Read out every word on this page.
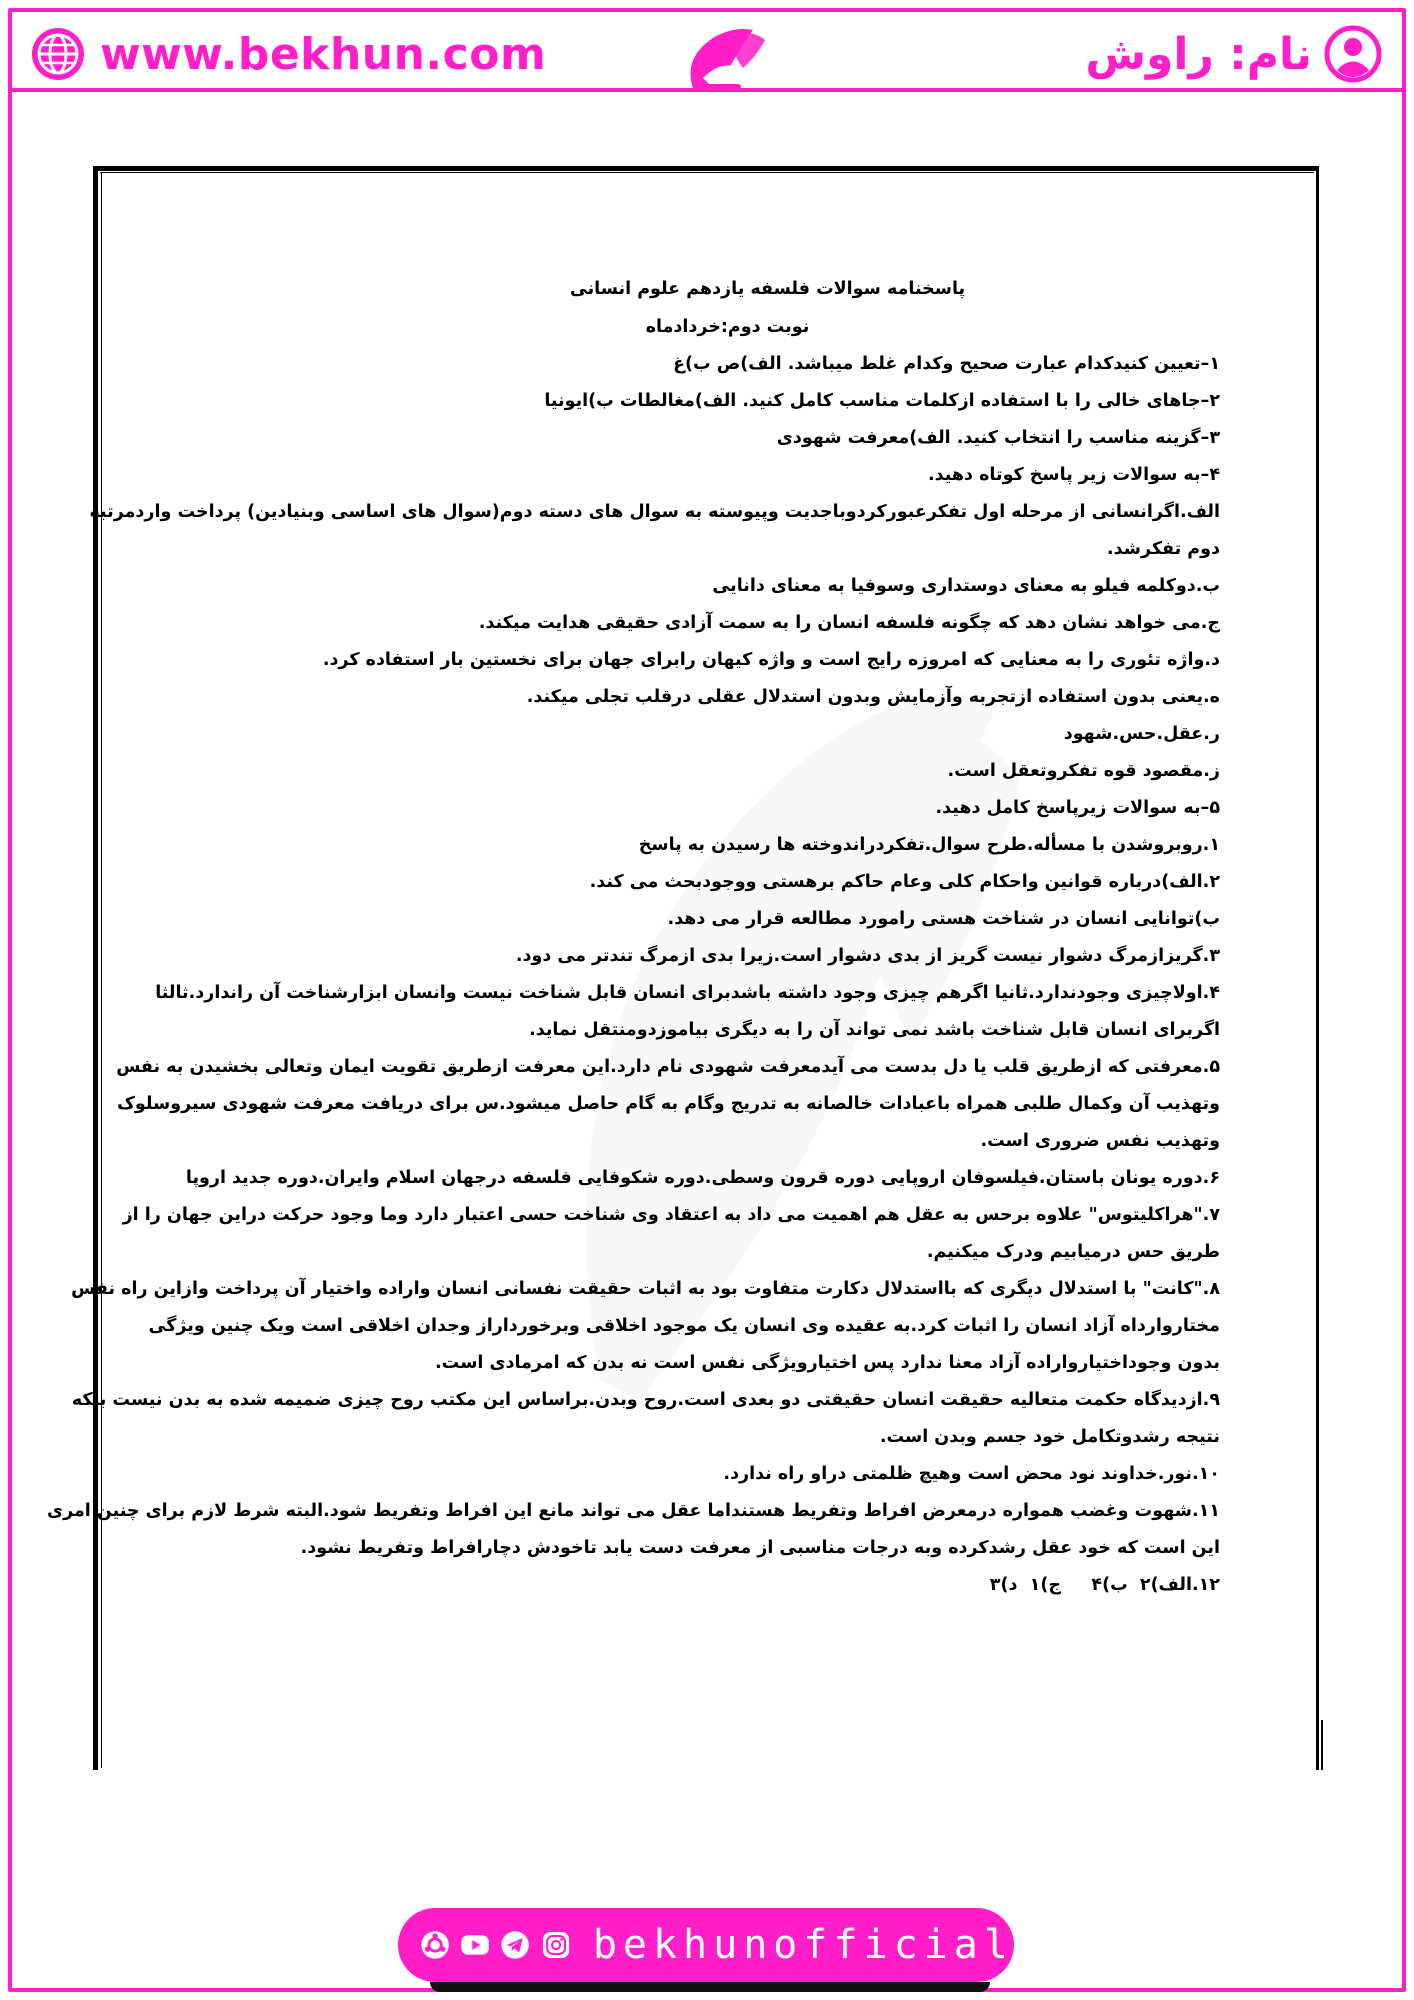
www.bekhun.com	نام: راوش
پاسخنامه سوالات فلسفه یازدهم علوم انسانی
نوبت دوم:خردادماه
۱–تعیین کنیدکدام عبارت صحیح وکدام غلط میباشد. الف)ص ب)غ
۲–جاهای خالی را با استفاده ازکلمات مناسب کامل کنید. الف)مغالطات ب)ایونیا
۳–گزینه مناسب را انتخاب کنید. الف)معرفت شهودی
۴–به سوالات زیر پاسخ کوتاه دهید.
الف.اگرانسانی از مرحله اول تفکرعبورکردوباجدیت وپیوسته به سوال های دسته دوم(سوال های اساسی وبنیادین) پرداخت واردمرتبه
دوم تفکرشد.
ب.دوکلمه فیلو به معنای دوستداری وسوفیا به معنای دانایی
ج.می خواهد نشان دهد که چگونه فلسفه انسان را به سمت آزادی حقیقی هدایت میکند.
د.واژه تئوری را به معنایی که امروزه رایج است و واژه کیهان رابرای جهان برای نخستین بار استفاده کرد.
ه.یعنی بدون استفاده ازتجربه وآزمایش وبدون استدلال عقلی درقلب تجلی میکند.
ر.عقل.حس.شهود
ز.مقصود قوه تفکروتعقل است.
۵–به سوالات زیرپاسخ کامل دهید.
۱.روبروشدن با مسأله.طرح سوال.تفکردراندوخته ها رسیدن به پاسخ
۲.الف)درباره قوانین واحکام کلی وعام حاکم برهستی ووجودبحث می کند.
ب)توانایی انسان در شناخت هستی رامورد مطالعه قرار می دهد.
۳.گریزازمرگ دشوار نیست گریز از بدی دشوار است.زیرا بدی ازمرگ تندتر می دود.
۴.اولاچیزی وجودندارد.ثانیا اگرهم چیزی وجود داشته باشدبرای انسان قابل شناخت نیست وانسان ابزارشناخت آن راندارد.ثالثا
اگربرای انسان قابل شناخت باشد نمی تواند آن را به دیگری بیاموزدومنتقل نماید.
۵.معرفتی که ازطریق قلب یا دل بدست می آیدمعرفت شهودی نام دارد.این معرفت ازطریق تقویت ایمان وتعالی بخشیدن به نفس
وتهذیب آن وکمال طلبی همراه باعبادات خالصانه به تدریج وگام به گام حاصل میشود.س برای دریافت معرفت شهودی سیروسلوک
وتهذیب نفس ضروری است.
۶.دوره یونان باستان.فیلسوفان اروپایی دوره قرون وسطی.دوره شکوفایی فلسفه درجهان اسلام وایران.دوره جدید اروپا
۷."هراکلیتوس" علاوه برحس به عقل هم اهمیت می داد به اعتقاد وی شناخت حسی اعتبار دارد وما وجود حرکت دراین جهان را از
طریق حس درمیابیم ودرک میکنیم.
۸."کانت" با استدلال دیگری که بااستدلال دکارت متفاوت بود به اثبات حقیقت نفسانی انسان واراده واختیار آن پرداخت وازاین راه نفس
مختاروارداه آزاد انسان را اثبات کرد.به عقیده وی انسان یک موجود اخلاقی وبرخورداراز وجدان اخلاقی است ویک چنین ویژگی
بدون وجوداختیارواراده آزاد معنا ندارد پس اختیارویژگی نفس است نه بدن که امرمادی است.
۹.ازدیدگاه حکمت متعالیه حقیقت انسان حقیقتی دو بعدی است.روح وبدن.براساس این مکتب روح چیزی ضمیمه شده به بدن نیست بلکه
نتیجه رشدوتکامل خود جسم وبدن است.
۱۰.نور.خداوند نود محض است وهیچ ظلمتی دراو راه ندارد.
۱۱.شهوت وغضب همواره درمعرض افراط وتفریط هستنداما عقل می تواند مانع این افراط وتفریط شود.البته شرط لازم برای چنین امری
این است که خود عقل رشدکرده وبه درجات مناسبی از معرفت دست یابد تاخودش دچارافراط وتفریط نشود.
۱۲.الف)۲  ب)۴     ج)۱  د)۳
bekhunofficial
